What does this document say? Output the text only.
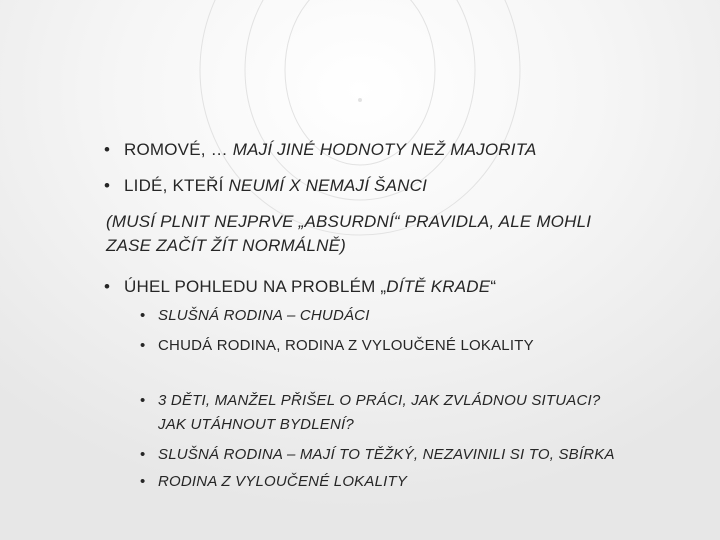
• ROMOVÉ, … MAJÍ JINÉ HODNOTY NEŽ MAJORITA
• LIDÉ, KTEŘÍ NEUMÍ X NEMAJÍ ŠANCI
(MUSÍ PLNIT NEJPRVE „ABSURDNÍ“ PRAVIDLA, ALE MOHLI
ZASE ZAČÍT ŽÍT NORMÁLNĚ)
• ÚHEL POHLEDU NA PROBLÉM „DÍTĚ KRADE“
• SLUŠNÁ RODINA – CHUDÁCI
• CHUDÁ RODINA, RODINA Z VYLOUČENÉ LOKALITY
• 3 DĚTI, MANŽEL PŘIŠEL O PRÁCI, JAK ZVLÁDNOU SITUACI?
JAK UTÁHNOUT BYDLENÍ?
• SLUŠNÁ RODINA – MAJÍ TO TĚŽKÝ, NEZAVINILI SI TO, SBÍRKA
• RODINA Z VYLOUČENÉ LOKALITY
